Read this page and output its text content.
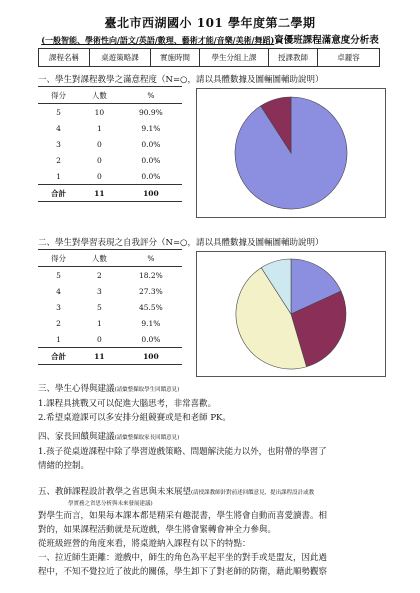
臺北市西湖國小 101 學年度第二學期
(一般智能、學術性向/語文/英語/數理、藝術才能/音樂/美術/舞蹈)資優班課程滿意度分析表
課程名稱	桌遊策略課	實施時間	學生分組上課	授課教師	卓麗容
一、學生對課程教學之滿意程度（N=○，請以具體數據及圖輛圖輔助說明）
得分	人數	%
5	10	90.9%
4	1	9.1%
3	0	0.0%
2	0	0.0%
1	0	0.0%
合計	11	100
二、學生對學習表現之自我評分（N=○，請以具體數據及圖輛圖輔助說明）
得分	人數	%
5	2	18.2%
4	3	27.3%
3	5	45.5%
2	1	9.1%
1	0	0.0%
合計	11	100
三、學生心得與建議(請彙整擷取學生回饋意見)
1.課程具挑戰又可以促進大腦思考，非常喜歡。
2.希望桌遊課可以多安排分組競賽或是和老師 PK。
四、家長回饋與建議(請彙整擷取家長回饋意見)
1.孩子從桌遊課程中除了學習遊戲策略、問題解決能力以外，也附帶的學習了
情緒的控制。
五、教師課程設計教學之省思與未來展望(請授課教師針對前述回饋意見，提出課程設計或教
學實務之省思分析與未來發展建議)
對學生而言，如果每本課本都是精采有趣混書，學生將會自動而喜愛讀書。相
對的，如果課程活動就是玩遊戲，學生將會緊轉會神全力參與。
從班級經營的角度來看，將桌遊納入課程有以下的特點：
一、拉近師生距離：遊戲中，師生的角色為平起平坐的對手或是盟友，因此過
程中，不知不覺拉近了彼此的關係，學生卸下了對老師的防衛，藉此順勢觀察
